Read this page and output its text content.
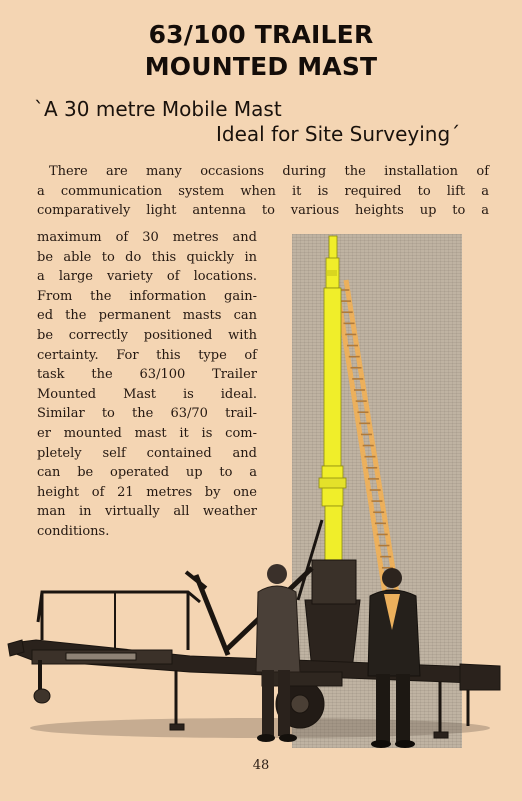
63/100 TRAILER
MOUNTED MAST
`A 30 metre Mobile Mast
Ideal for Site Surveying´
There are many occasions during the installation of
a communication system when it is required to lift a
comparatively light antenna to various heights up to a
maximum of 30 metres and
be able to do this quickly in
a large variety of locations.
From the information gain-
ed the permanent masts can
be correctly positioned with
certainty. For this type of
task the 63/100 Trailer
Mounted Mast is ideal.
Similar to the 63/70 trail-
er mounted mast it is com-
pletely self contained and
can be operated up to a
height of 21 metres by one
man in virtually all weather
conditions.
48
